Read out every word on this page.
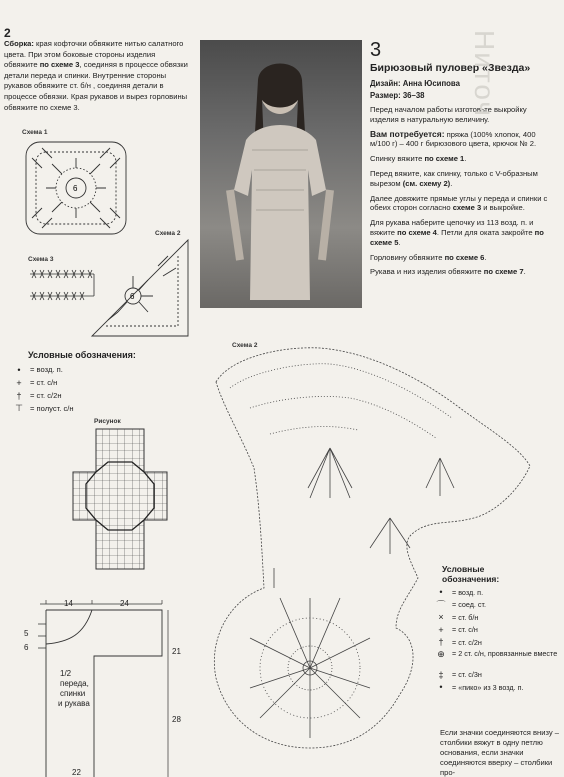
2
Сборка: края кофточки обвяжите нитью салатного цвета. При этом боковые стороны изделия обвяжите по схеме 3, соединяя в процессе обвязки детали переда и спинки. Внутренние стороны рукавов обвяжите ст. б/н , соединяя детали в процессе обвязки. Края рукавов и вырез горловины обвяжите по схеме 3.
Схема 1
6
Схема 2
6
Схема 3
Условные обозначения:
•	= возд. п.
+	= ст. с/н
†	= ст. с/2н
⊤ = полуст. с/н
Рисунок
14	24
5
6	21
28
1/2
переда,
спинки
и рукава
22
3
Бирюзовый пуловер «Звезда»
Дизайн: Анна Юсипова
Размер: 36–38
Перед началом работы изготовьте выкройку изделия в натуральную величину.
Вам потребуется: пряжа (100% хлопок, 400 м/100 г) – 400 г бирюзового цвета, крючок № 2.
Спинку вяжите по схеме 1.
Перед вяжите, как спинку, только с V-образным вырезом (см. схему 2).
Далее довяжите прямые углы у переда и спинки с обеих сторон согласно схеме 3 и выкройке.
Для рукава наберите цепочку из 113 возд. п. и вяжите по схеме 4. Петли для оката закройте по схеме 5.
Горловину обвяжите по схеме 6.
Рукава и низ изделия обвяжите по схеме 7.
Ниточ
Схема 2
Условные обозначения:
•	= возд. п.
⌒ = соед. ст.
×	= ст. б/н
+	= ст. с/н
†	= ст. с/2н
⊕	= 2 ст. с/н, провязанные вместе
‡	= ст. с/3н
•	= «пико» из 3 возд. п.
Если значки соединяются внизу – столбики вяжут в одну петлю основания, если значки соединяются вверху – столбики про-
